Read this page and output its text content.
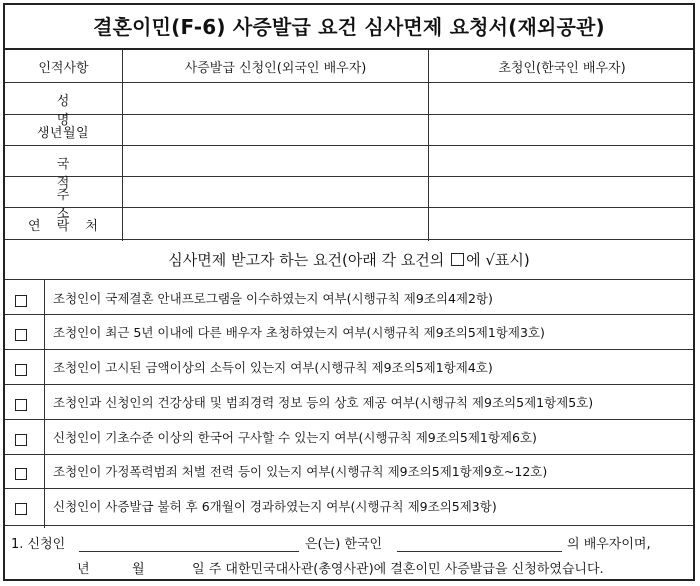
결혼이민(F-6) 사증발급 요건 심사면제 요청서(재외공관)
인적사항	사증발급 신청인(외국인 배우자)	초청인(한국인 배우자)
성 명
생년월일
국 적
주 소
연 락 처
심사면제 받고자 하는 요건(아래 각 요건의 에 √표시)
조청인이 국제결혼 안내프로그램을 이수하였는지 여부(시행규칙 제9조의4제2항)
조청인이 최근 5년 이내에 다른 배우자 초청하였는지 여부(시행규칙 제9조의5제1항제3호)
조청인이 고시된 금액이상의 소득이 있는지 여부(시행규칙 제9조의5제1항제4호)
조청인과 신청인의 건강상태 및 범죄경력 정보 등의 상호 제공 여부(시행규칙 제9조의5제1항제5호)
신청인이 기초수준 이상의 한국어 구사할 수 있는지 여부(시행규칙 제9조의5제1항제6호)
조청인이 가정폭력범죄 처벌 전력 등이 있는지 여부(시행규칙 제9조의5제1항제9호~12호)
신청인이 사증발급 불허 후 6개월이 경과하였는지 여부(시행규칙 제9조의5제3항)
1. 신청인	은(는) 한국인	의 배우자이며,
년	월	일 주 대한민국대사관(총영사관)에 결혼이민 사증발급을 신청하였습니다.
